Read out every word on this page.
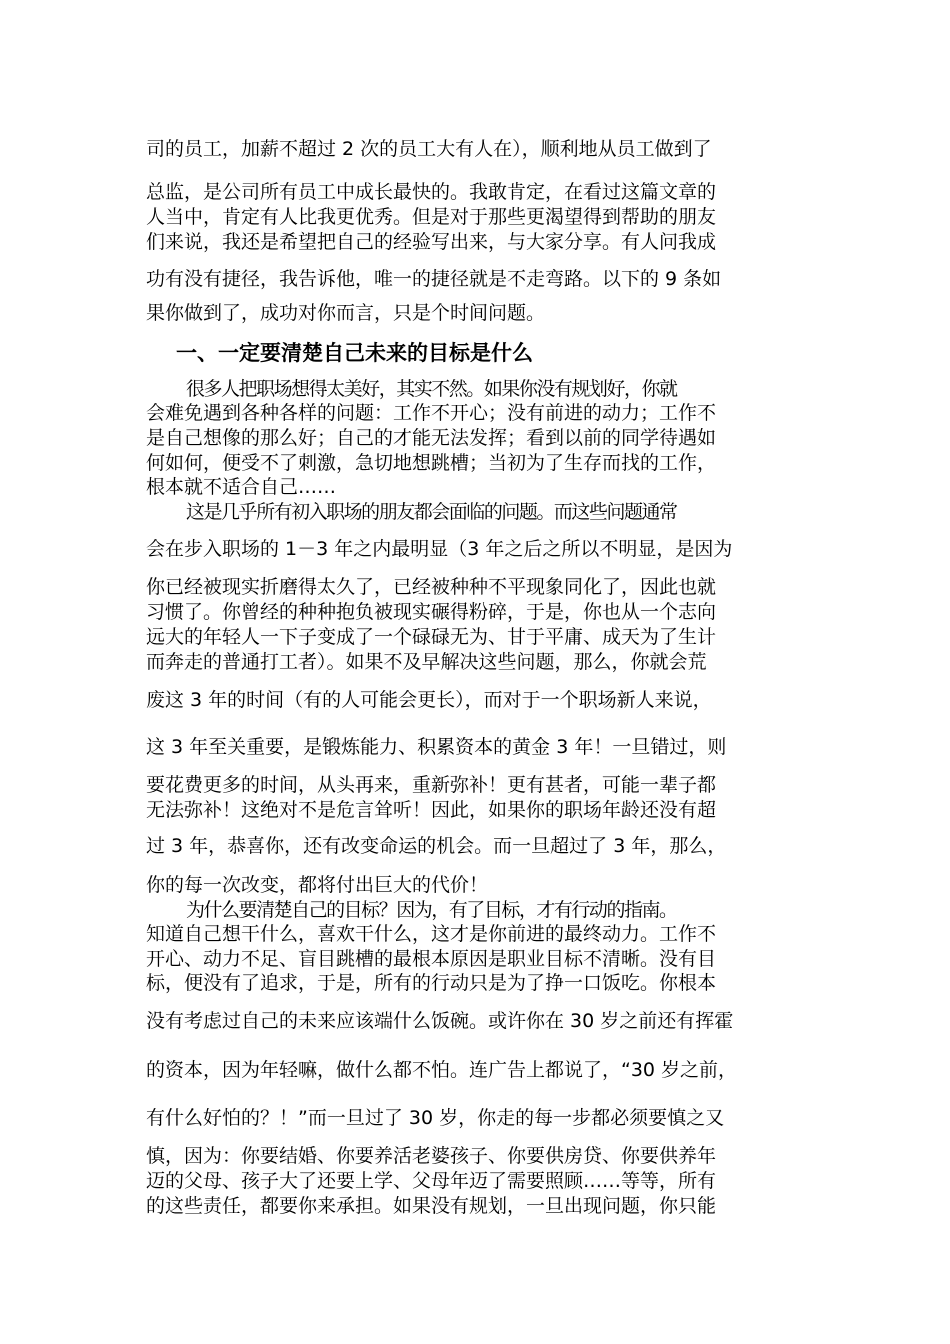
司的员工，加薪不超过 2 次的员工大有人在），顺利地从员工做到了
总监，是公司所有员工中成长最快的。我敢肯定，在看过这篇文章的
人当中，肯定有人比我更优秀。但是对于那些更渴望得到帮助的朋友
们来说，我还是希望把自己的经验写出来，与大家分享。有人问我成
功有没有捷径，我告诉他，唯一的捷径就是不走弯路。以下的 9 条如
果你做到了，成功对你而言，只是个时间问题。
一、一定要清楚自己未来的目标是什么
很多人把职场想得太美好，其实不然。如果你没有规划好，你就
会难免遇到各种各样的问题：工作不开心；没有前进的动力；工作不
是自己想像的那么好；自己的才能无法发挥；看到以前的同学待遇如
何如何，便受不了刺激，急切地想跳槽；当初为了生存而找的工作，
根本就不适合自己……
这是几乎所有初入职场的朋友都会面临的问题。而这些问题通常
会在步入职场的 1－3 年之内最明显（3 年之后之所以不明显，是因为
你已经被现实折磨得太久了，已经被种种不平现象同化了，因此也就
习惯了。你曾经的种种抱负被现实碾得粉碎，于是，你也从一个志向
远大的年轻人一下子变成了一个碌碌无为、甘于平庸、成天为了生计
而奔走的普通打工者）。如果不及早解决这些问题，那么，你就会荒
废这 3 年的时间（有的人可能会更长），而对于一个职场新人来说，
这 3 年至关重要，是锻炼能力、积累资本的黄金 3 年！一旦错过，则
要花费更多的时间，从头再来，重新弥补！更有甚者，可能一辈子都
无法弥补！这绝对不是危言耸听！因此，如果你的职场年龄还没有超
过 3 年，恭喜你，还有改变命运的机会。而一旦超过了 3 年，那么，
你的每一次改变，都将付出巨大的代价！
为什么要清楚自己的目标？因为，有了目标，才有行动的指南。
知道自己想干什么，喜欢干什么，这才是你前进的最终动力。工作不
开心、动力不足、盲目跳槽的最根本原因是职业目标不清晰。没有目
标，便没有了追求，于是，所有的行动只是为了挣一口饭吃。你根本
没有考虑过自己的未来应该端什么饭碗。或许你在 30 岁之前还有挥霍
的资本，因为年轻嘛，做什么都不怕。连广告上都说了，“30 岁之前，
有什么好怕的？！”而一旦过了 30 岁，你走的每一步都必须要慎之又
慎，因为：你要结婚、你要养活老婆孩子、你要供房贷、你要供养年
迈的父母、孩子大了还要上学、父母年迈了需要照顾……等等，所有
的这些责任，都要你来承担。如果没有规划，一旦出现问题，你只能
